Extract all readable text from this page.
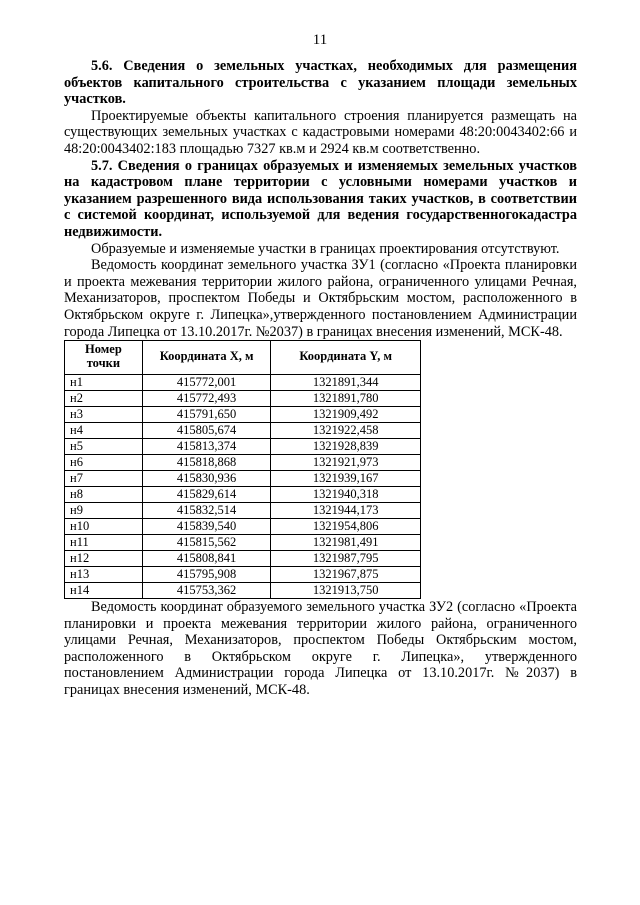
11

5.6. Сведения о земельных участках, необходимых для размещения объектов капитального строительства с указанием площади земельных участков.

Проектируемые объекты капитального строения планируется размещать на существующих земельных участках с кадастровыми номерами 48:20:0043402:66 и 48:20:0043402:183 площадью 7327 кв.м и 2924 кв.м соответственно.

5.7. Сведения о границах образуемых и изменяемых земельных участков на кадастровом плане территории с условными номерами участков и указанием разрешенного вида использования таких участков, в соответствии с системой координат, используемой для ведения государственногокадастра недвижимости.

Образуемые и изменяемые участки в границах проектирования отсутствуют.

Ведомость координат земельного участка ЗУ1 (согласно «Проекта планировки и проекта межевания территории жилого района, ограниченного улицами Речная, Механизаторов, проспектом Победы и Октябрьским мостом, расположенного в Октябрьском округе г. Липецка»,утвержденного постановлением Администрации города Липецка от 13.10.2017г. №2037) в границах внесения изменений, МСК-48.

Номер точки	Координата X, м	Координата Y, м
н1	415772,001	1321891,344
н2	415772,493	1321891,780
н3	415791,650	1321909,492
н4	415805,674	1321922,458
н5	415813,374	1321928,839
н6	415818,868	1321921,973
н7	415830,936	1321939,167
н8	415829,614	1321940,318
н9	415832,514	1321944,173
н10	415839,540	1321954,806
н11	415815,562	1321981,491
н12	415808,841	1321987,795
н13	415795,908	1321967,875
н14	415753,362	1321913,750

Ведомость координат образуемого земельного участка ЗУ2 (согласно «Проекта планировки и проекта межевания территории жилого района, ограниченного улицами Речная, Механизаторов, проспектом Победы Октябрьским мостом, расположенного в Октябрьском округе г. Липецка», утвержденного постановлением Администрации города Липецка от 13.10.2017г. №2037) в границах внесения изменений, МСК-48.
